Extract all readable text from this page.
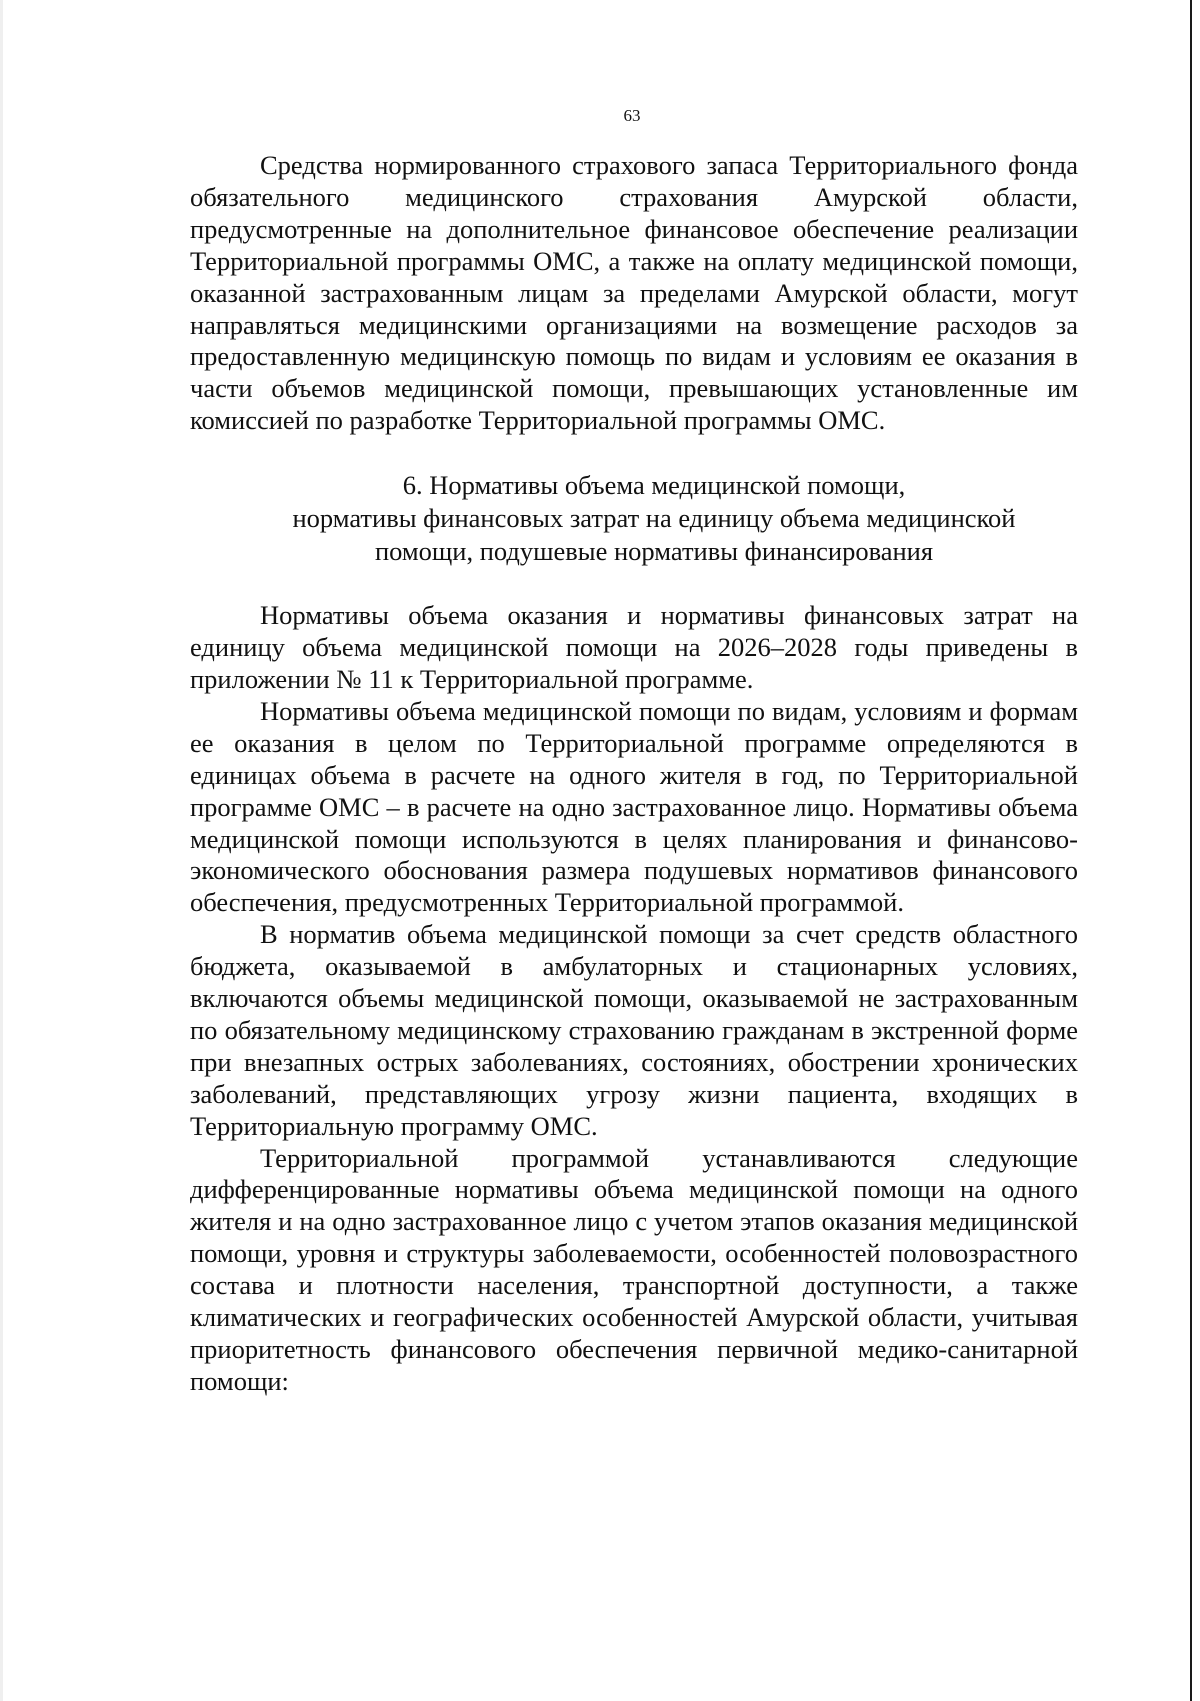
63

Средства нормированного страхового запаса Территориального фонда обязательного медицинского страхования Амурской области, предусмотренные на дополнительное финансовое обеспечение реализации Территориальной программы ОМС, а также на оплату медицинской помощи, оказанной застрахованным лицам за пределами Амурской области, могут направляться медицинскими организациями на возмещение расходов за предоставленную медицинскую помощь по видам и условиям ее оказания в части объемов медицинской помощи, превышающих установленные им комиссией по разработке Территориальной программы ОМС.

6. Нормативы объема медицинской помощи,
нормативы финансовых затрат на единицу объема медицинской
помощи, подушевые нормативы финансирования

Нормативы объема оказания и нормативы финансовых затрат на единицу объема медицинской помощи на 2026–2028 годы приведены в приложении № 11 к Территориальной программе.

Нормативы объема медицинской помощи по видам, условиям и формам ее оказания в целом по Территориальной программе определяются в единицах объема в расчете на одного жителя в год, по Территориальной программе ОМС – в расчете на одно застрахованное лицо. Нормативы объема медицинской помощи используются в целях планирования и финансово-экономического обоснования размера подушевых нормативов финансового обеспечения, предусмотренных Территориальной программой.

В норматив объема медицинской помощи за счет средств областного бюджета, оказываемой в амбулаторных и стационарных условиях, включаются объемы медицинской помощи, оказываемой не застрахованным по обязательному медицинскому страхованию гражданам в экстренной форме при внезапных острых заболеваниях, состояниях, обострении хронических заболеваний, представляющих угрозу жизни пациента, входящих в Территориальную программу ОМС.

Территориальной программой устанавливаются следующие дифференцированные нормативы объема медицинской помощи на одного жителя и на одно застрахованное лицо с учетом этапов оказания медицинской помощи, уровня и структуры заболеваемости, особенностей половозрастного состава и плотности населения, транспортной доступности, а также климатических и географических особенностей Амурской области, учитывая приоритетность финансового обеспечения первичной медико-санитарной помощи:
